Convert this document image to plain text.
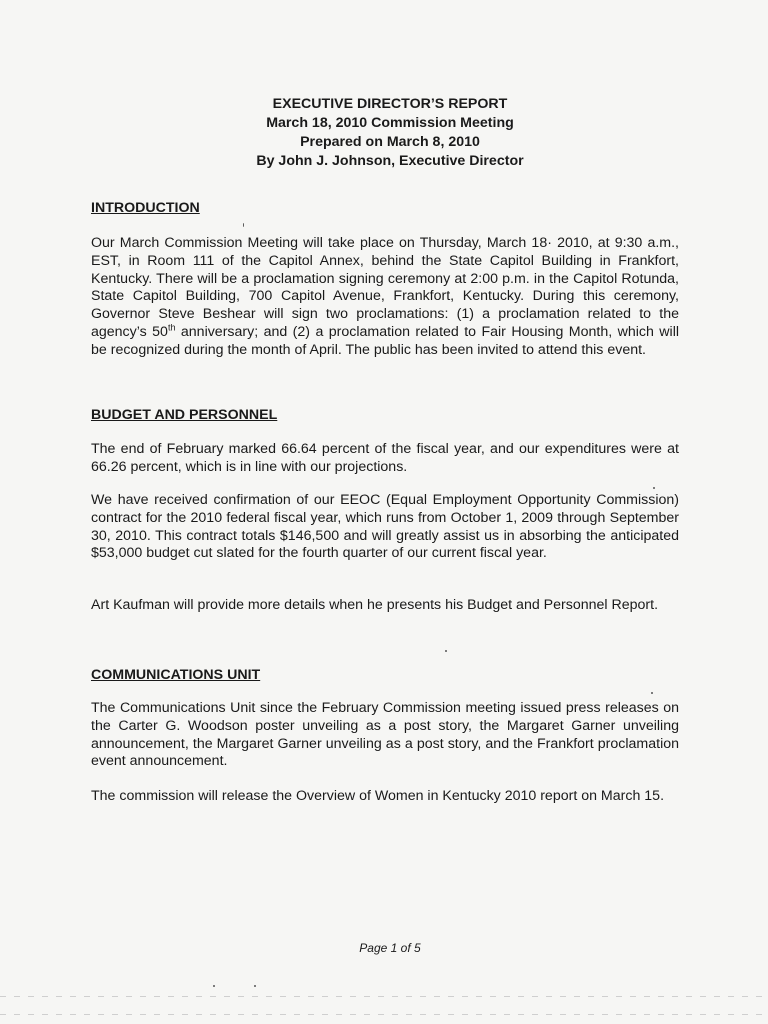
EXECUTIVE DIRECTOR’S REPORT
March 18, 2010 Commission Meeting
Prepared on March 8, 2010
By John J. Johnson, Executive Director
INTRODUCTION

Our March Commission Meeting will take place on Thursday, March 18· 2010, at 9:30 a.m., EST, in Room 111 of the Capitol Annex, behind the State Capitol Building in Frankfort, Kentucky. There will be a proclamation signing ceremony at 2:00 p.m. in the Capitol Rotunda, State Capitol Building, 700 Capitol Avenue, Frankfort, Kentucky. During this ceremony, Governor Steve Beshear will sign two proclamations: (1) a proclamation related to the agency’s 50th anniversary; and (2) a proclamation related to Fair Housing Month, which will be recognized during the month of April. The public has been invited to attend this event.

BUDGET AND PERSONNEL

The end of February marked 66.64 percent of the fiscal year, and our expenditures were at 66.26 percent, which is in line with our projections.

We have received confirmation of our EEOC (Equal Employment Opportunity Commission) contract for the 2010 federal fiscal year, which runs from October 1, 2009 through September 30, 2010. This contract totals $146,500 and will greatly assist us in absorbing the anticipated $53,000 budget cut slated for the fourth quarter of our current fiscal year.

Art Kaufman will provide more details when he presents his Budget and Personnel Report.

COMMUNICATIONS UNIT

The Communications Unit since the February Commission meeting issued press releases on the Carter G. Woodson poster unveiling as a post story, the Margaret Garner unveiling announcement, the Margaret Garner unveiling as a post story, and the Frankfort proclamation event announcement.

The commission will release the Overview of Women in Kentucky 2010 report on March 15.

Page 1 of 5
